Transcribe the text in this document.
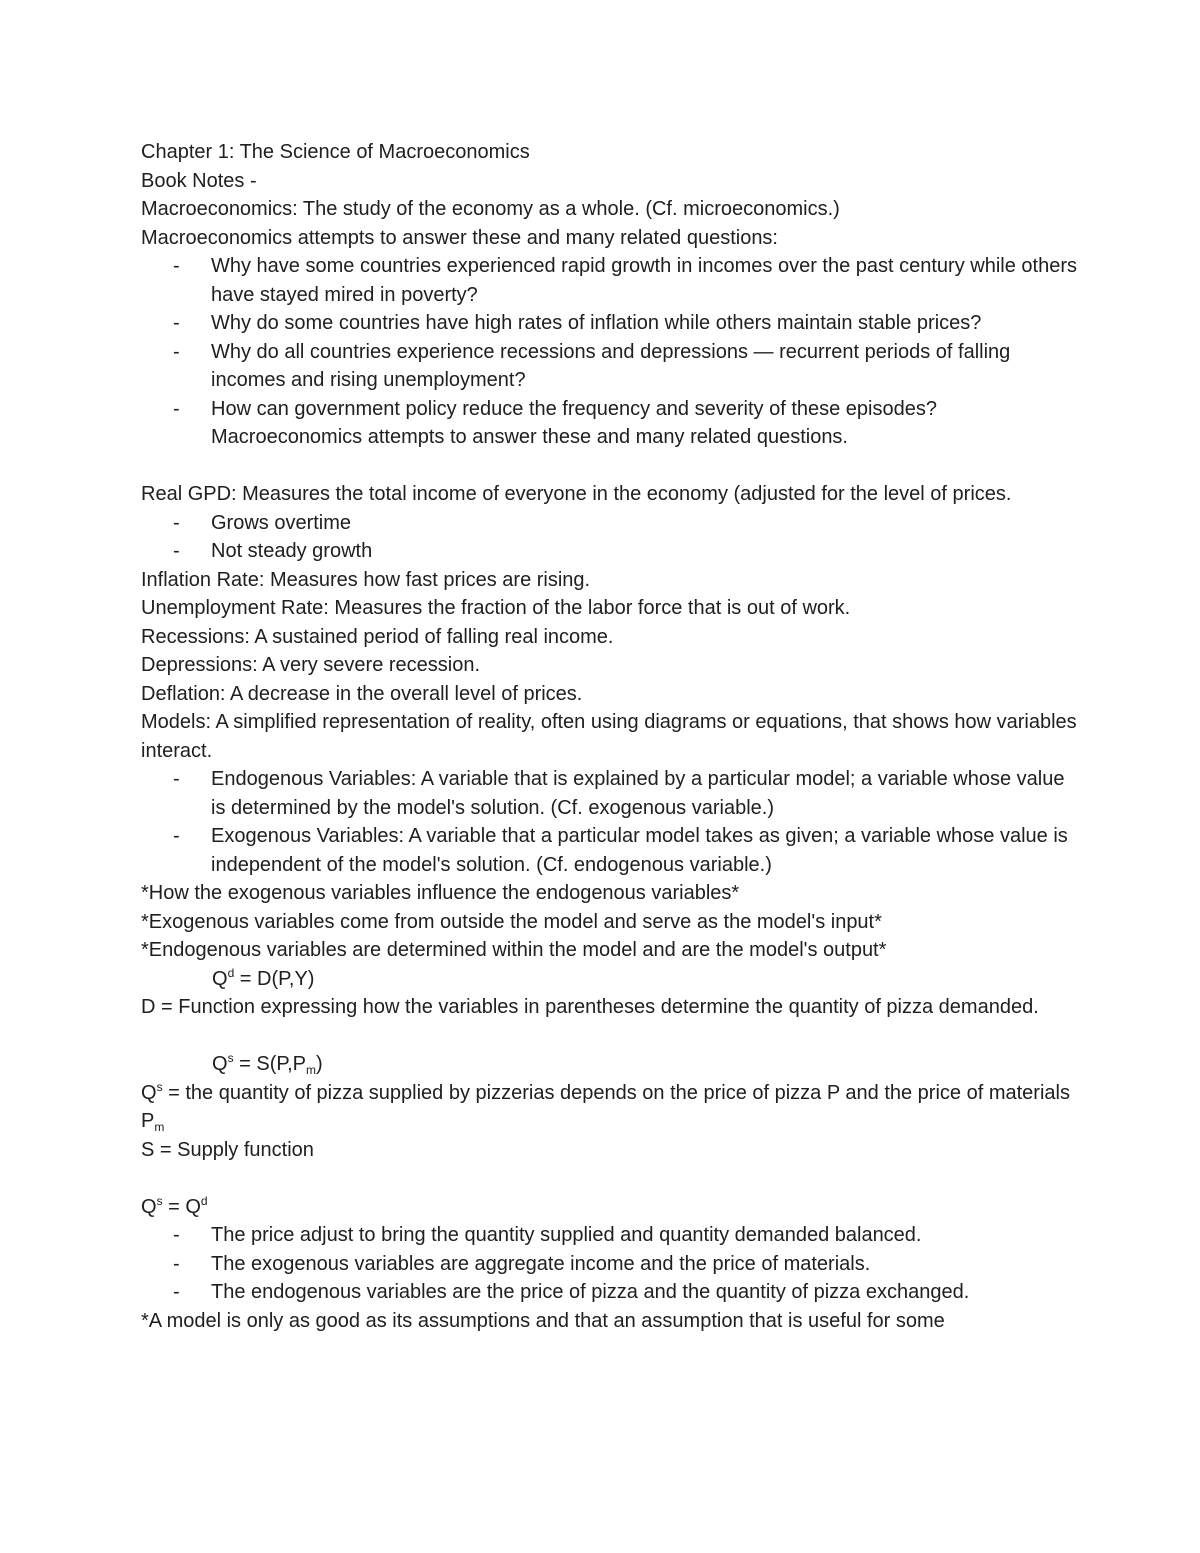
Chapter 1: The Science of Macroeconomics
Book Notes -
Macroeconomics: The study of the economy as a whole. (Cf. microeconomics.)
Macroeconomics attempts to answer these and many related questions:
-	Why have some countries experienced rapid growth in incomes over the past century while others have stayed mired in poverty?
-	Why do some countries have high rates of inflation while others maintain stable prices?
-	Why do all countries experience recessions and depressions — recurrent periods of falling incomes and rising unemployment?
-	How can government policy reduce the frequency and severity of these episodes? Macroeconomics attempts to answer these and many related questions.
Real GPD: Measures the total income of everyone in the economy (adjusted for the level of prices.
-	Grows overtime
-	Not steady growth
Inflation Rate: Measures how fast prices are rising.
Unemployment Rate: Measures the fraction of the labor force that is out of work.
Recessions: A sustained period of falling real income.
Depressions: A very severe recession.
Deflation: A decrease in the overall level of prices.
Models: A simplified representation of reality, often using diagrams or equations, that shows how variables interact.
-	Endogenous Variables: A variable that is explained by a particular model; a variable whose value is determined by the model's solution. (Cf. exogenous variable.)
-	Exogenous Variables: A variable that a particular model takes as given; a variable whose value is independent of the model's solution. (Cf. endogenous variable.)
*How the exogenous variables influence the endogenous variables*
*Exogenous variables come from outside the model and serve as the model's input*
*Endogenous variables are determined within the model and are the model's output*
$Q^d = D(P,Y)$
D = Function expressing how the variables in parentheses determine the quantity of pizza demanded.
$Q^s = S(P,P_m)$
$Q^s$ = the quantity of pizza supplied by pizzerias depends on the price of pizza P and the price of materials $P_m$
S = Supply function
$Q^s = Q^d$
-	The price adjust to bring the quantity supplied and quantity demanded balanced.
-	The exogenous variables are aggregate income and the price of materials.
-	The endogenous variables are the price of pizza and the quantity of pizza exchanged.
*A model is only as good as its assumptions and that an assumption that is useful for some
